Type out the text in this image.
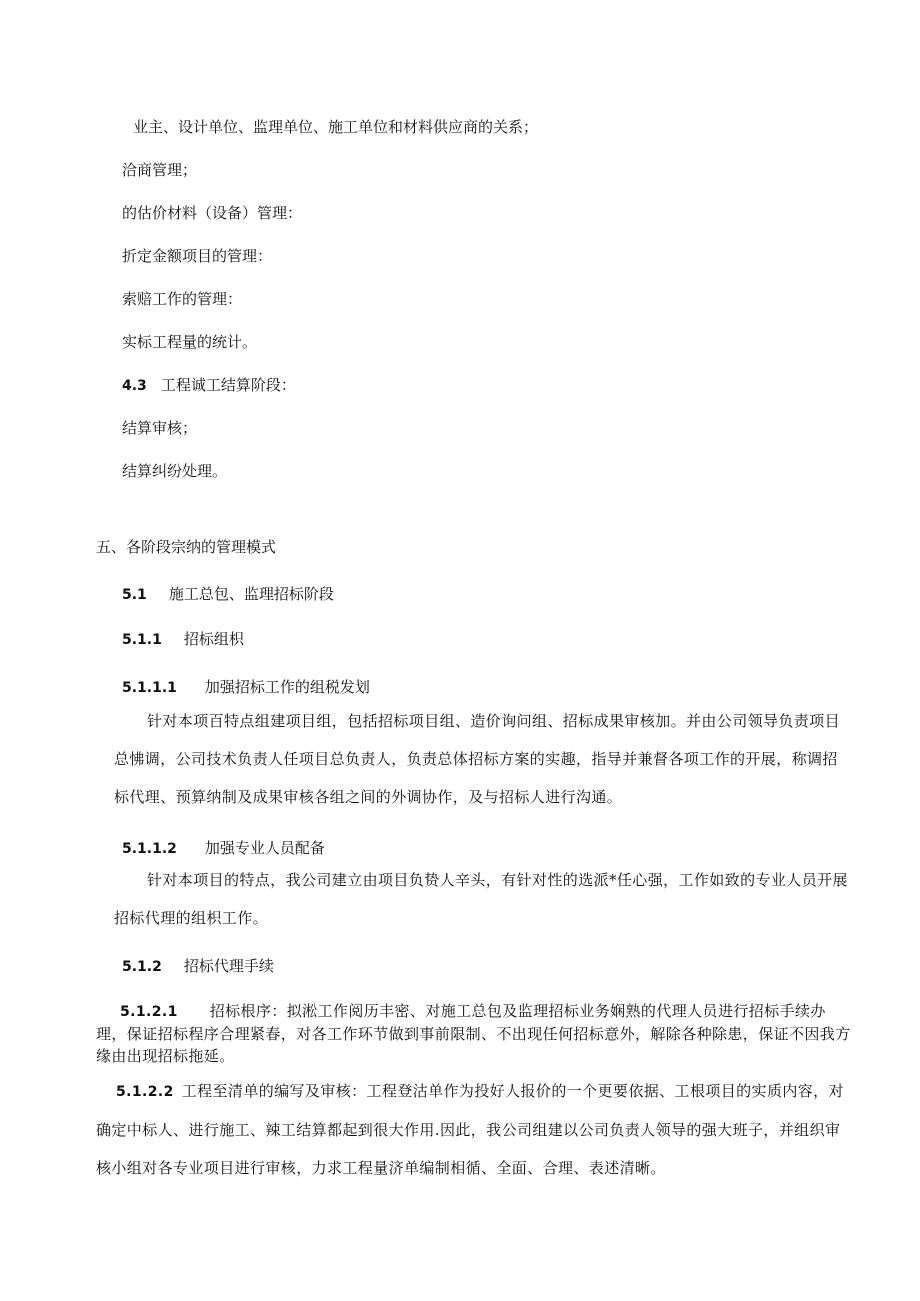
业主、设计单位、监理单位、施工单位和材料供应商的关系；
洽商管理；
的估价材料（设备）管理：
折定金额项目的管理：
索赔工作的管理：
实标工程量的统计。
4.3 工程诚工结算阶段：
结算审核；
结算纠纷处理。
五、各阶段宗纳的管理模式
5.1 施工总包、监理招标阶段
5.1.1 招标组枳
5.1.1.1 加强招标工作的组税发划
针对本项百特点组建项目组，包括招标项目组、造价询问组、招标成果审核加。并由公司领导负责项目总怫调，公司技术负责人任项目总负责人，负责总体招标方案的实趣，指导并兼督各项工作的开展，称调招标代理、预算纳制及成果审核各组之间的外调协作，及与招标人进行沟通。
5.1.1.2 加强专业人员配备
针对本项目的特点，我公司建立由项目负贽人辛头，有针对性的选派*任心强，工作如致的专业人员开展招标代理的组枳工作。
5.1.2 招标代理手续
5.1.2.1 招标根序：拟淞工作阅历丰密、对施工总包及监理招标业务娴熟的代理人员进行招标手续办理，保证招标程序合理紧春，对各工作环节做到事前限制、不出现任何招标意外，解除各种除患，保证不因我方缘由出现招标拖延。
5.1.2.2 工程至清单的编写及审核：工程登沽单作为投好人报价的一个更要依据、工根项目的实质内容，对确定中标人、进行施工、辣工结算都起到很大作用.因此，我公司组建以公司负责人领导的强大班子，并组织审核小组对各专业项目进行审核，力求工程量济单编制相循、全面、合理、表述清晰。
